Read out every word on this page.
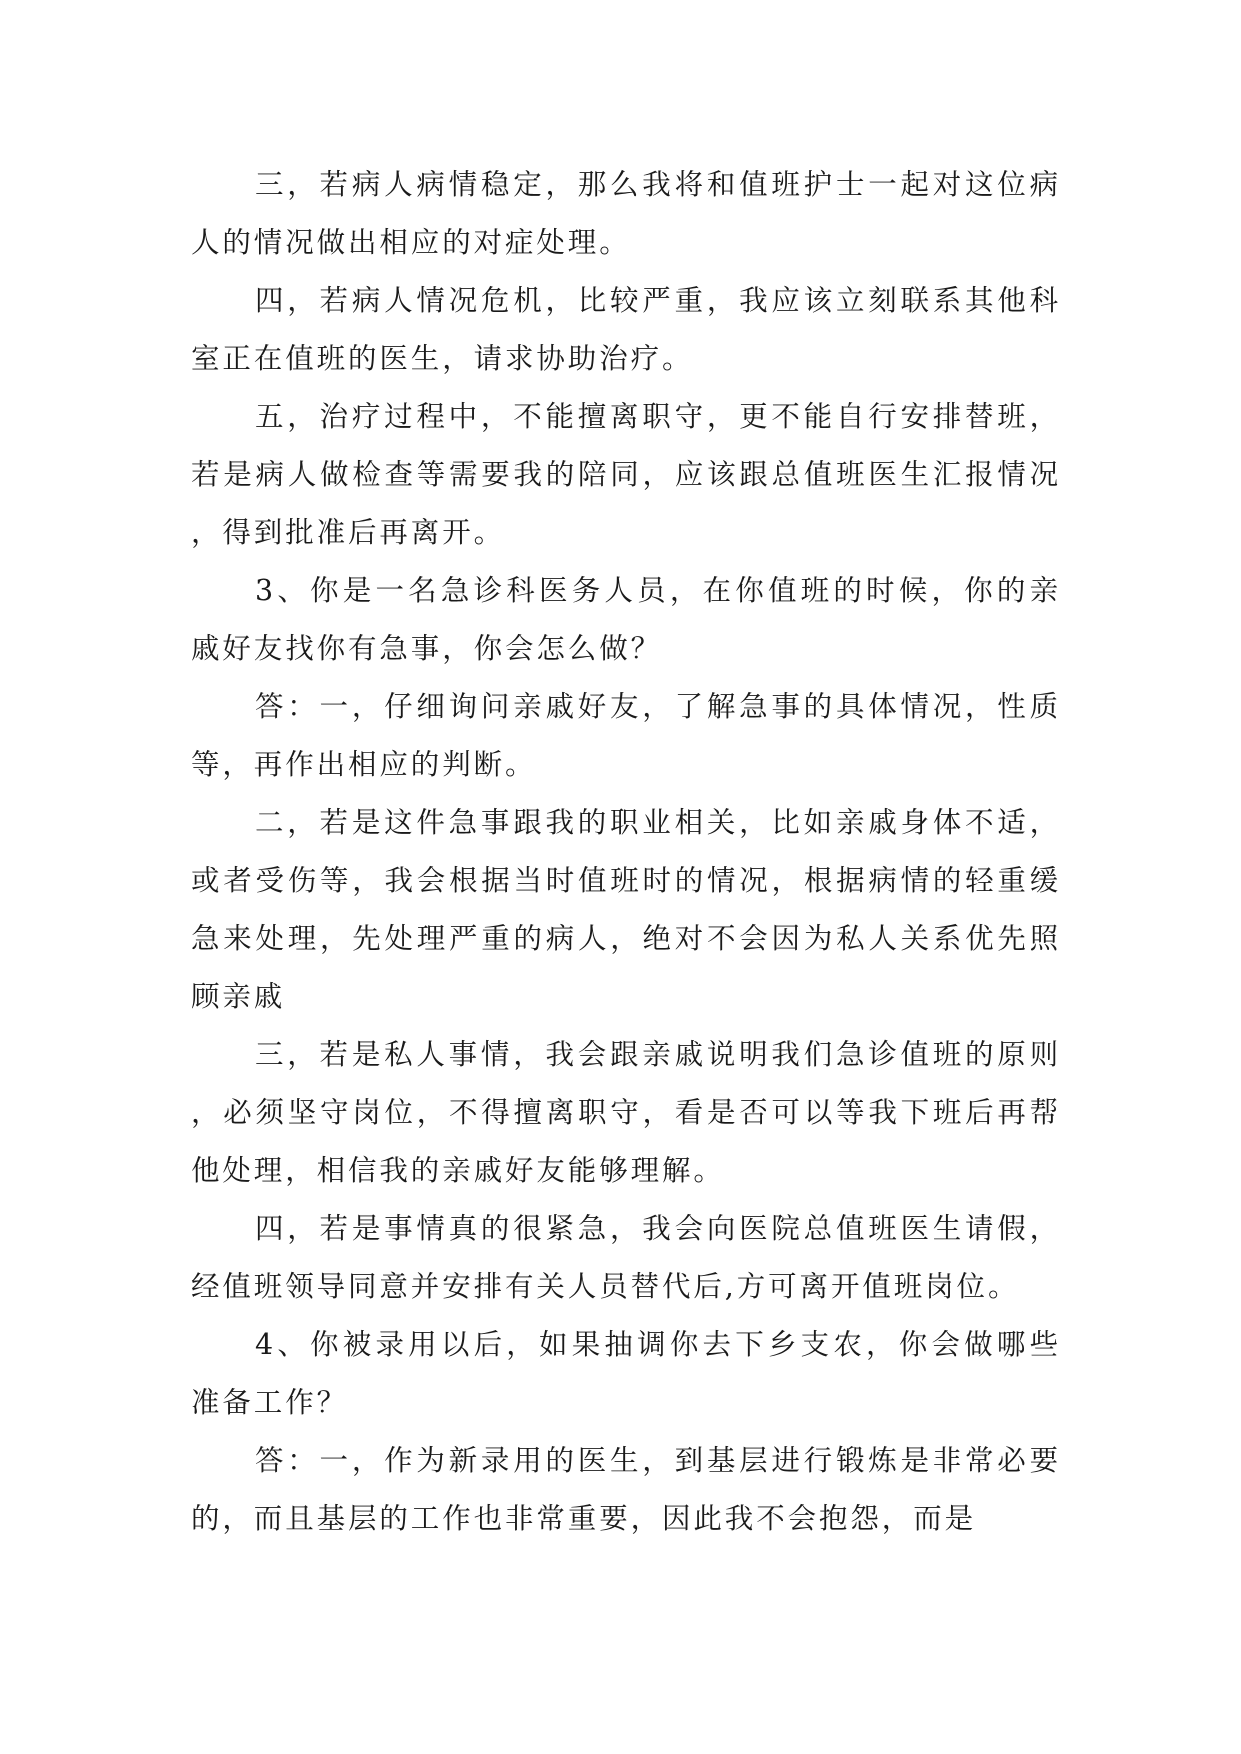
三，若病人病情稳定，那么我将和值班护士一起对这位病人的情况做出相应的对症处理。

四，若病人情况危机，比较严重，我应该立刻联系其他科室正在值班的医生，请求协助治疗。

五，治疗过程中，不能擅离职守，更不能自行安排替班，若是病人做检查等需要我的陪同，应该跟总值班医生汇报情况，得到批准后再离开。

3、你是一名急诊科医务人员，在你值班的时候，你的亲戚好友找你有急事，你会怎么做？

答：一，仔细询问亲戚好友，了解急事的具体情况，性质等，再作出相应的判断。

二，若是这件急事跟我的职业相关，比如亲戚身体不适，或者受伤等，我会根据当时值班时的情况，根据病情的轻重缓急来处理，先处理严重的病人，绝对不会因为私人关系优先照顾亲戚

三，若是私人事情，我会跟亲戚说明我们急诊值班的原则，必须坚守岗位，不得擅离职守，看是否可以等我下班后再帮他处理，相信我的亲戚好友能够理解。

四，若是事情真的很紧急，我会向医院总值班医生请假，经值班领导同意并安排有关人员替代后,方可离开值班岗位。

4、你被录用以后，如果抽调你去下乡支农，你会做哪些准备工作？

答：一，作为新录用的医生，到基层进行锻炼是非常必要的，而且基层的工作也非常重要，因此我不会抱怨，而是
